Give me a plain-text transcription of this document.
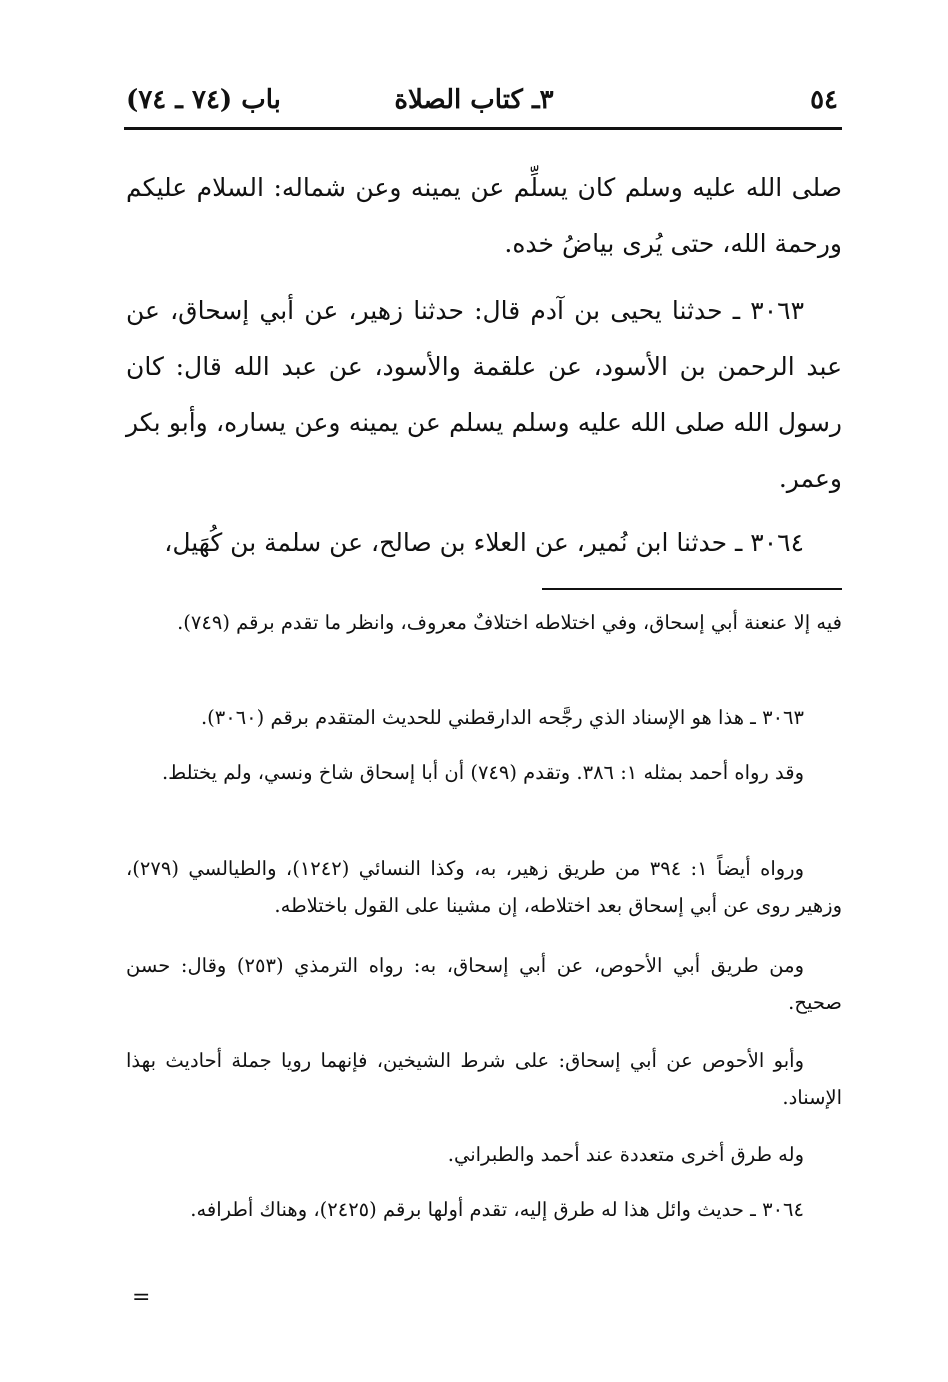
باب (٧٤ ـ ٧٤)	٣ـ كتاب الصلاة	٥٤

صلى الله عليه وسلم كان يسلِّم عن يمينه وعن شماله: السلام عليكم ورحمة الله، حتى يُرى بياضُ خده.

٣٠٦٣ ـ حدثنا يحيى بن آدم قال: حدثنا زهير، عن أبي إسحاق، عن عبد الرحمن بن الأسود، عن علقمة والأسود، عن عبد الله قال: كان رسول الله صلى الله عليه وسلم يسلم عن يمينه وعن يساره، وأبو بكر وعمر.

٣٠٦٤ ـ حدثنا ابن نُمير، عن العلاء بن صالح، عن سلمة بن كُهَيل،

فيه إلا عنعنة أبي إسحاق، وفي اختلاطه اختلافٌ معروف، وانظر ما تقدم برقم (٧٤٩).

٣٠٦٣ ـ هذا هو الإسناد الذي رجَّحه الدارقطني للحديث المتقدم برقم (٣٠٦٠).

وقد رواه أحمد بمثله ١: ٣٨٦. وتقدم (٧٤٩) أن أبا إسحاق شاخ ونسي، ولم يختلط.

ورواه أيضاً ١: ٣٩٤ من طريق زهير، به، وكذا النسائي (١٢٤٢)، والطيالسي (٢٧٩)، وزهير روى عن أبي إسحاق بعد اختلاطه، إن مشينا على القول باختلاطه.

ومن طريق أبي الأحوص، عن أبي إسحاق، به: رواه الترمذي (٢٥٣) وقال: حسن صحيح.

وأبو الأحوص عن أبي إسحاق: على شرط الشيخين، فإنهما رويا جملة أحاديث بهذا الإسناد.

وله طرق أخرى متعددة عند أحمد والطبراني.

٣٠٦٤ ـ حديث وائل هذا له طرق إليه، تقدم أولها برقم (٢٤٢٥)، وهناك أطرافه.

=
